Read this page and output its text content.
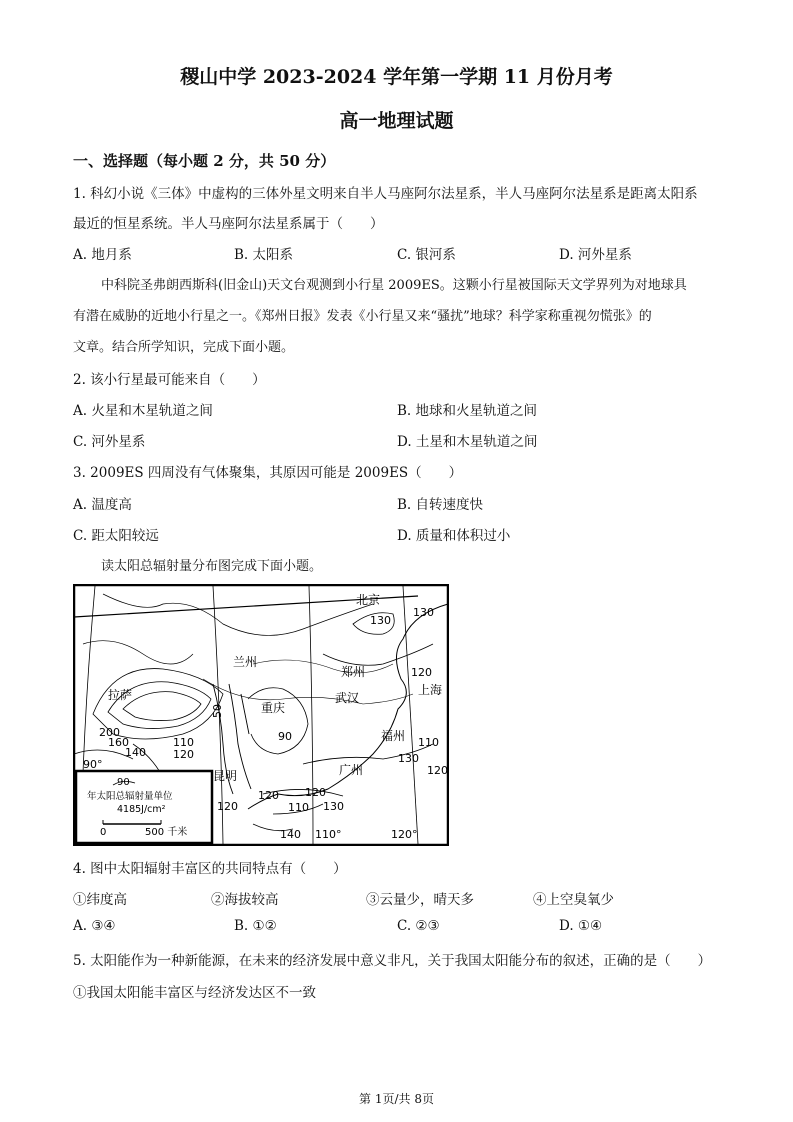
稷山中学 2023-2024 学年第一学期 11 月份月考
高一地理试题
一、选择题（每小题 2 分，共 50 分）
1. 科幻小说《三体》中虚构的三体外星文明来自半人马座阿尔法星系，半人马座阿尔法星系是距离太阳系
最近的恒星系统。半人马座阿尔法星系属于（　　）
A. 地月系	B. 太阳系	C. 银河系	D. 河外星系
中科院圣弗朗西斯科(旧金山)天文台观测到小行星 2009ES。这颗小行星被国际天文学界列为对地球具
有潜在威胁的近地小行星之一。《郑州日报》发表《小行星又来“骚扰”地球？科学家称重视勿慌张》的
文章。结合所学知识，完成下面小题。
2. 该小行星最可能来自（　　）
A. 火星和木星轨道之间	B. 地球和火星轨道之间
C. 河外星系	D. 土星和木星轨道之间
3. 2009ES 四周没有气体聚集，其原因可能是 2009ES（　　）
A. 温度高	B. 自转速度快
C. 距太阳较远	D. 质量和体积过小
读太阳总辐射量分布图完成下面小题。
北京
兰州
郑州
上海
拉萨	武汉
重庆
福州
昆明	广州
130
130
120
50
200
160
140
110
120
90	110
130
120
120
130
140
120	110
120
90°
110°	120°
90
年太阳总辐射量单位
4185J/cm²
0	500 千米
4. 图中太阳辐射丰富区的共同特点有（　　）
①纬度高	②海拔较高	③云量少，晴天多	④上空臭氧少
A. ③④	B. ①②	C. ②③	D. ①④
5. 太阳能作为一种新能源，在未来的经济发展中意义非凡，关于我国太阳能分布的叙述，正确的是（　　）
①我国太阳能丰富区与经济发达区不一致
第 1页/共 8页
